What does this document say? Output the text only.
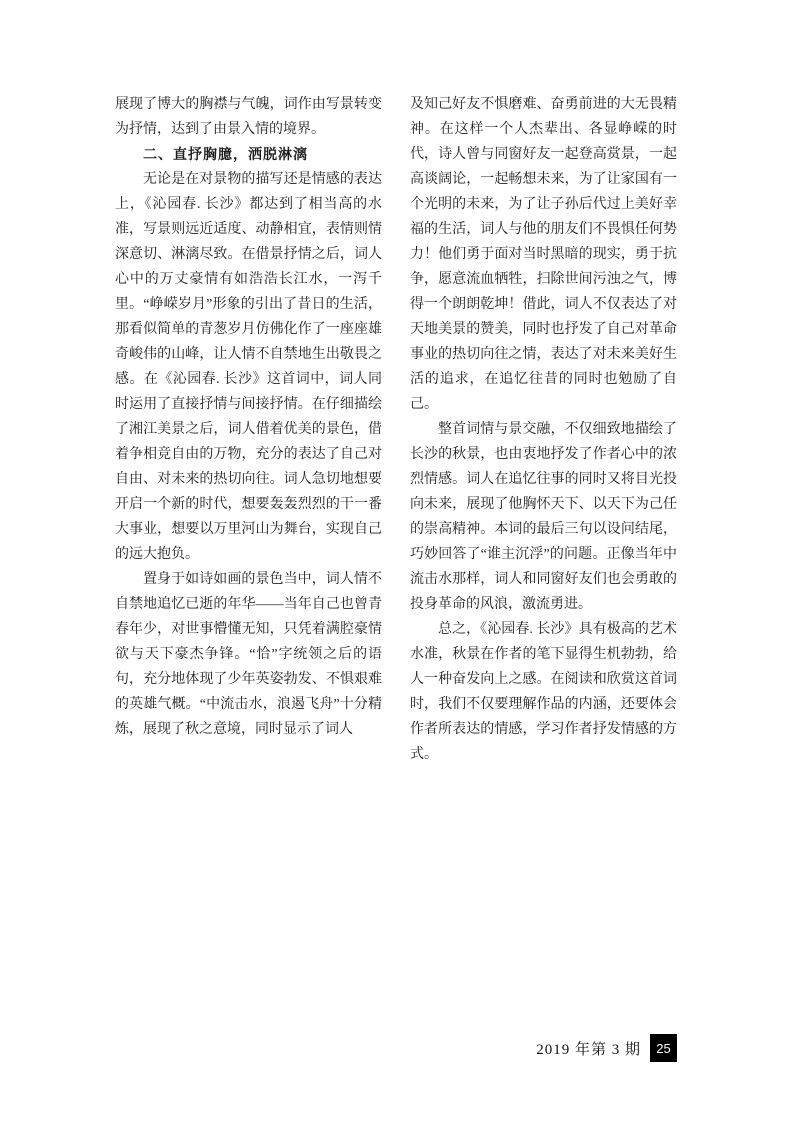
展现了博大的胸襟与气魄，词作由写景转变为抒情，达到了由景入情的境界。

二、直抒胸臆，洒脱淋漓

无论是在对景物的描写还是情感的表达上，《沁园春. 长沙》都达到了相当高的水准，写景则远近适度、动静相宜，表情则情深意切、淋漓尽致。在借景抒情之后，词人心中的万丈豪情有如浩浩长江水，一泻千里。“峥嵘岁月”形象的引出了昔日的生活，那看似简单的青葱岁月仿佛化作了一座座雄奇峻伟的山峰，让人情不自禁地生出敬畏之感。在《沁园春. 长沙》这首词中，词人同时运用了直接抒情与间接抒情。在仔细描绘了湘江美景之后，词人借着优美的景色，借着争相竞自由的万物，充分的表达了自己对自由、对未来的热切向往。词人急切地想要开启一个新的时代，想要轰轰烈烈的干一番大事业，想要以万里河山为舞台，实现自己的远大抱负。

置身于如诗如画的景色当中，词人情不自禁地追忆已逝的年华——当年自己也曾青春年少，对世事懵懂无知，只凭着满腔豪情欲与天下豪杰争锋。“恰”字统领之后的语句，充分地体现了少年英姿勃发、不惧艰难的英雄气概。“中流击水，浪遏飞舟”十分精炼，展现了秋之意境，同时显示了词人

及知己好友不惧磨难、奋勇前进的大无畏精神。在这样一个人杰辈出、各显峥嵘的时代，诗人曾与同窗好友一起登高赏景，一起高谈阔论，一起畅想未来，为了让家国有一个光明的未来，为了让子孙后代过上美好幸福的生活，词人与他的朋友们不畏惧任何势力！他们勇于面对当时黑暗的现实，勇于抗争，愿意流血牺牲，扫除世间污浊之气，博得一个朗朗乾坤！借此，词人不仅表达了对天地美景的赞美，同时也抒发了自己对革命事业的热切向往之情，表达了对未来美好生活的追求，在追忆往昔的同时也勉励了自己。

整首词情与景交融，不仅细致地描绘了长沙的秋景，也由衷地抒发了作者心中的浓烈情感。词人在追忆往事的同时又将目光投向未来，展现了他胸怀天下、以天下为己任的崇高精神。本词的最后三句以设问结尾，巧妙回答了“谁主沉浮”的问题。正像当年中流击水那样，词人和同窗好友们也会勇敢的投身革命的风浪，激流勇进。

总之，《沁园春. 长沙》具有极高的艺术水准，秋景在作者的笔下显得生机勃勃，给人一种奋发向上之感。在阅读和欣赏这首词时，我们不仅要理解作品的内涵，还要体会作者所表达的情感，学习作者抒发情感的方式。

2019 年第 3 期	25
